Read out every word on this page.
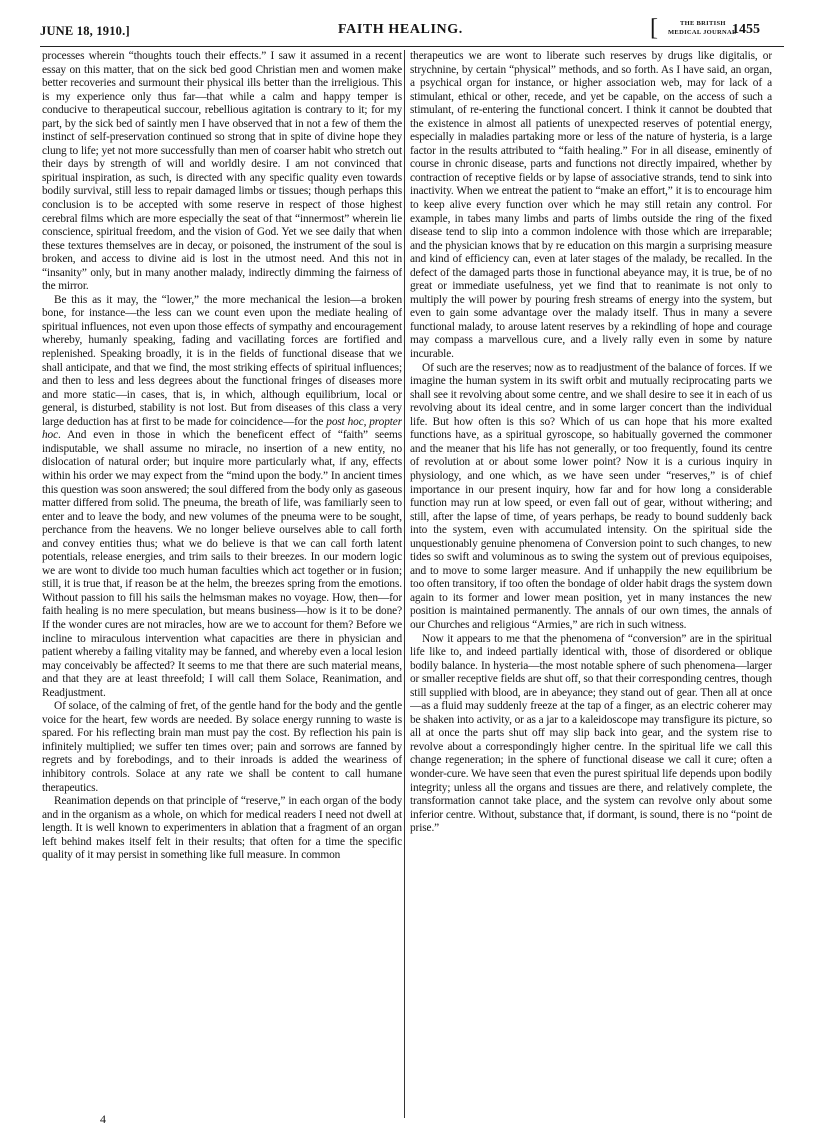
JUNE 18, 1910.]	FAITH HEALING.	[	THE BRITISH
MEDICAL JOURNAL
1455

processes wherein “thoughts touch their effects.” I saw it assumed in a recent essay on this matter, that on the sick bed good Christian men and women make better recoveries and surmount their physical ills better than the irreligious. This is my experience only thus far—that while a calm and happy temper is conducive to therapeutical succour, rebellious agitation is contrary to it; for my part, by the sick bed of saintly men I have observed that in not a few of them the instinct of self-preservation continued so strong that in spite of divine hope they clung to life; yet not more successfully than men of coarser habit who stretch out their days by strength of will and worldly desire. I am not convinced that spiritual inspiration, as such, is directed with any specific quality even towards bodily survival, still less to repair damaged limbs or tissues; though perhaps this conclusion is to be accepted with some reserve in respect of those highest cerebral films which are more especially the seat of that “innermost” wherein lie conscience, spiritual freedom, and the vision of God. Yet we see daily that when these textures themselves are in decay, or poisoned, the instrument of the soul is broken, and access to divine aid is lost in the utmost need. And this not in “insanity” only, but in many another malady, indirectly dimming the fairness of the mirror.

Be this as it may, the “lower,” the more mechanical the lesion—a broken bone, for instance—the less can we count even upon the mediate healing of spiritual influences, not even upon those effects of sympathy and encouragement whereby, humanly speaking, fading and vacillating forces are fortified and replenished. Speaking broadly, it is in the fields of functional disease that we shall anticipate, and that we find, the most striking effects of spiritual influences; and then to less and less degrees about the functional fringes of diseases more and more static—in cases, that is, in which, although equilibrium, local or general, is disturbed, stability is not lost. But from diseases of this class a very large deduction has at first to be made for coincidence—for the post hoc, propter hoc. And even in those in which the beneficent effect of “faith” seems indisputable, we shall assume no miracle, no insertion of a new entity, no dislocation of natural order; but inquire more particularly what, if any, effects within his order we may expect from the “mind upon the body.” In ancient times this question was soon answered; the soul differed from the body only as gaseous matter differed from solid. The pneuma, the breath of life, was familiarly seen to enter and to leave the body, and new volumes of the pneuma were to be sought, perchance from the heavens. We no longer believe ourselves able to call forth and convey entities thus; what we do believe is that we can call forth latent potentials, release energies, and trim sails to their breezes. In our modern logic we are wont to divide too much human faculties which act together or in fusion; still, it is true that, if reason be at the helm, the breezes spring from the emotions. Without passion to fill his sails the helmsman makes no voyage. How, then—for faith healing is no mere speculation, but means business—how is it to be done? If the wonder cures are not miracles, how are we to account for them? Before we incline to miraculous intervention what capacities are there in physician and patient whereby a failing vitality may be fanned, and whereby even a local lesion may conceivably be affected? It seems to me that there are such material means, and that they are at least threefold; I will call them Solace, Reanimation, and Readjustment.

Of solace, of the calming of fret, of the gentle hand for the body and the gentle voice for the heart, few words are needed. By solace energy running to waste is spared. For his reflecting brain man must pay the cost. By reflection his pain is infinitely multiplied; we suffer ten times over; pain and sorrows are fanned by regrets and by forebodings, and to their inroads is added the weariness of inhibitory controls. Solace at any rate we shall be content to call humane therapeutics.

Reanimation depends on that principle of “reserve,” in each organ of the body and in the organism as a whole, on which for medical readers I need not dwell at length. It is well known to experimenters in ablation that a fragment of an organ left behind makes itself felt in their results; that often for a time the specific quality of it may persist in something like full measure. In common

therapeutics we are wont to liberate such reserves by drugs like digitalis, or strychnine, by certain “physical” methods, and so forth. As I have said, an organ, a psychical organ for instance, or higher association web, may for lack of a stimulant, ethical or other, recede, and yet be capable, on the access of such a stimulant, of re-entering the functional concert. I think it cannot be doubted that the existence in almost all patients of unexpected reserves of potential energy, especially in maladies partaking more or less of the nature of hysteria, is a large factor in the results attributed to “faith healing.” For in all disease, eminently of course in chronic disease, parts and functions not directly impaired, whether by contraction of receptive fields or by lapse of associative strands, tend to sink into inactivity. When we entreat the patient to “make an effort,” it is to encourage him to keep alive every function over which he may still retain any control. For example, in tabes many limbs and parts of limbs outside the ring of the fixed disease tend to slip into a common indolence with those which are irreparable; and the physician knows that by re education on this margin a surprising measure and kind of efficiency can, even at later stages of the malady, be recalled. In the defect of the damaged parts those in functional abeyance may, it is true, be of no great or immediate usefulness, yet we find that to reanimate is not only to multiply the will power by pouring fresh streams of energy into the system, but even to gain some advantage over the malady itself. Thus in many a severe functional malady, to arouse latent reserves by a rekindling of hope and courage may compass a marvellous cure, and a lively rally even in some by nature incurable.

Of such are the reserves; now as to readjustment of the balance of forces. If we imagine the human system in its swift orbit and mutually reciprocating parts we shall see it revolving about some centre, and we shall desire to see it in each of us revolving about its ideal centre, and in some larger concert than the individual life. But how often is this so? Which of us can hope that his more exalted functions have, as a spiritual gyroscope, so habitually governed the commoner and the meaner that his life has not generally, or too frequently, found its centre of revolution at or about some lower point? Now it is a curious inquiry in physiology, and one which, as we have seen under “reserves,” is of chief importance in our present inquiry, how far and for how long a considerable function may run at low speed, or even fall out of gear, without withering; and still, after the lapse of time, of years perhaps, be ready to bound suddenly back into the system, even with accumulated intensity. On the spiritual side the unquestionably genuine phenomena of Conversion point to such changes, to new tides so swift and voluminous as to swing the system out of previous equipoises, and to move to some larger measure. And if unhappily the new equilibrium be too often transitory, if too often the bondage of older habit drags the system down again to its former and lower mean position, yet in many instances the new position is maintained permanently. The annals of our own times, the annals of our Churches and religious “Armies,” are rich in such witness.

Now it appears to me that the phenomena of “conversion” are in the spiritual life like to, and indeed partially identical with, those of disordered or oblique bodily balance. In hysteria—the most notable sphere of such phenomena—larger or smaller receptive fields are shut off, so that their corresponding centres, though still supplied with blood, are in abeyance; they stand out of gear. Then all at once—as a fluid may suddenly freeze at the tap of a finger, as an electric coherer may be shaken into activity, or as a jar to a kaleidoscope may transfigure its picture, so all at once the parts shut off may slip back into gear, and the system rise to revolve about a correspondingly higher centre. In the spiritual life we call this change regeneration; in the sphere of functional disease we call it cure; often a wonder-cure. We have seen that even the purest spiritual life depends upon bodily integrity; unless all the organs and tissues are there, and relatively complete, the transformation cannot take place, and the system can revolve only about some inferior centre. Without, substance that, if dormant, is sound, there is no “point de prise.”

4
